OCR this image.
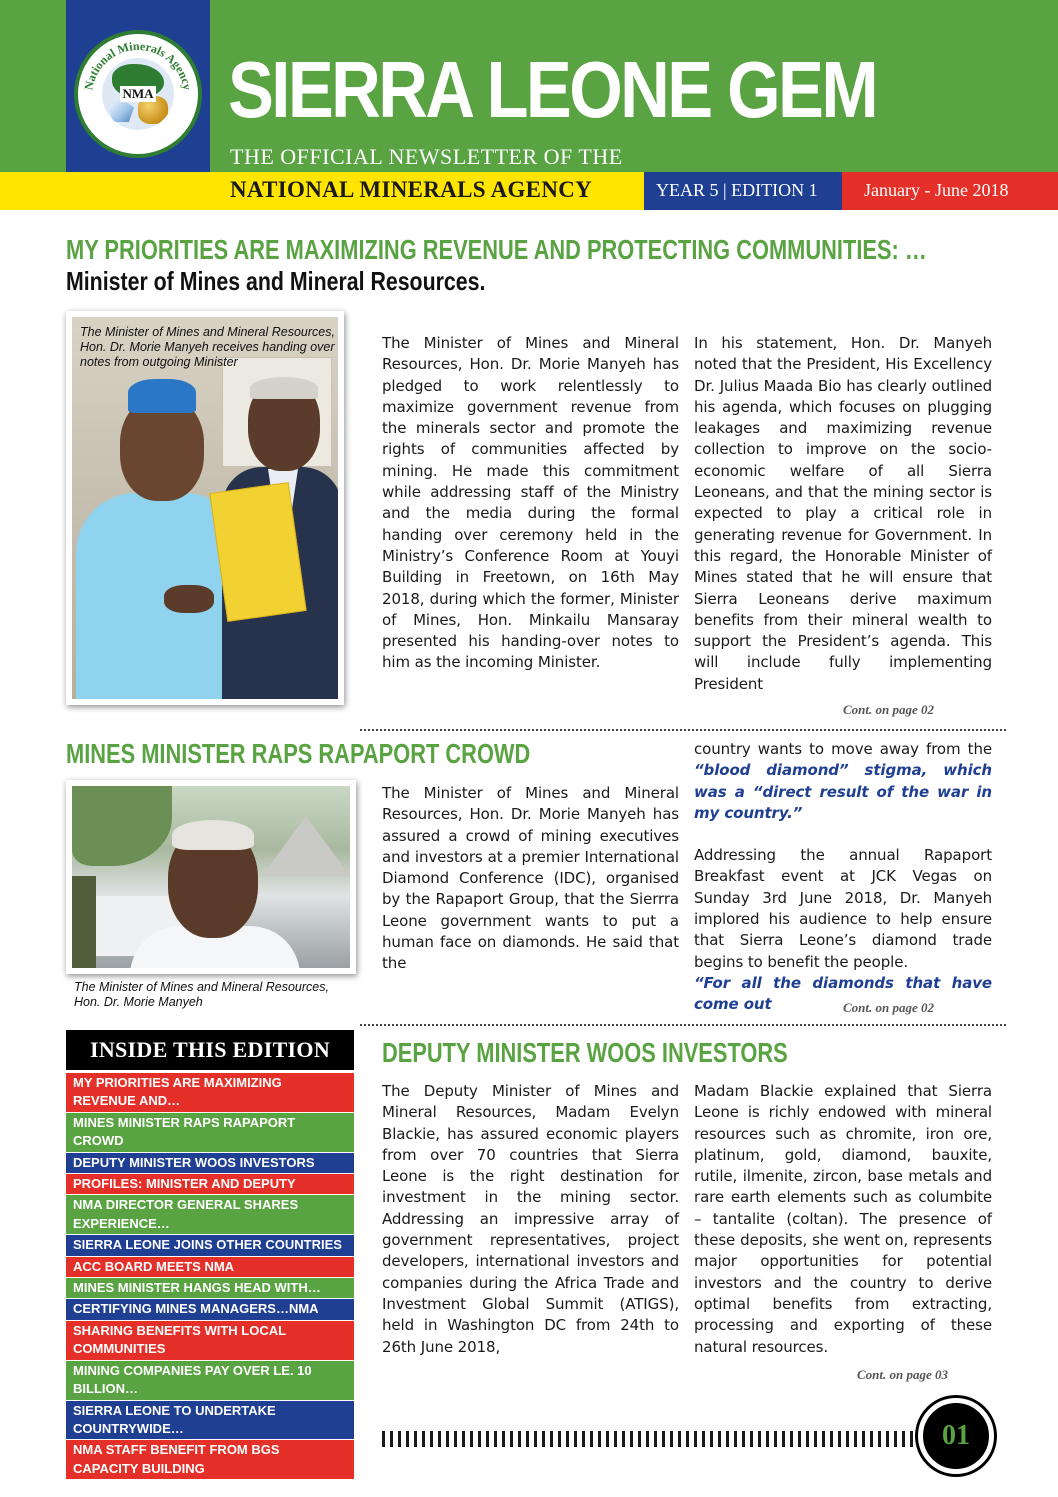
National Minerals Agency
NMA SIERRA LEONE GEM
THE OFFICIAL NEWSLETTER OF THE
NATIONAL MINERALS AGENCY	YEAR 5 | EDITION 1	January - June 2018
MY PRIORITIES ARE MAXIMIZING REVENUE AND PROTECTING COMMUNITIES: …
Minister of Mines and Mineral Resources.
The Minister of Mines and Mineral Resources, Hon. Dr. Morie Manyeh receives handing over notes from outgoing Minister

The Minister of Mines and Mineral Resources, Hon. Dr. Morie Manyeh has pledged to work relentlessly to maximize government revenue from the minerals sector and promote the rights of communities affected by mining. He made this commitment while addressing staff of the Ministry and the media during the formal handing over ceremony held in the Ministry’s Conference Room at Youyi Building in Freetown, on 16th May 2018, during which the former, Minister of Mines, Hon. Minkailu Mansaray presented his handing-over notes to him as the incoming Minister.

In his statement, Hon. Dr. Manyeh noted that the President, His Excellency Dr. Julius Maada Bio has clearly outlined his agenda, which focuses on plugging leakages and maximizing revenue collection to improve on the socio-economic welfare of all Sierra Leoneans, and that the mining sector is expected to play a critical role in generating revenue for Government. In this regard, the Honorable Minister of Mines stated that he will ensure that Sierra Leoneans derive maximum benefits from their mineral wealth to support the President’s agenda. This will include fully implementing President

Cont. on page 02
MINES MINISTER RAPS RAPAPORT CROWD
The Minister of Mines and Mineral Resources, Hon. Dr. Morie Manyeh

The Minister of Mines and Mineral Resources, Hon. Dr. Morie Manyeh has assured a crowd of mining executives and investors at a premier International Diamond Conference (IDC), organised by the Rapaport Group, that the Sierrra Leone government wants to put a human face on diamonds. He said that the

country wants to move away from the “blood diamond” stigma, which was a “direct result of the war in my country.”

Addressing the annual Rapaport Breakfast event at JCK Vegas on Sunday 3rd June 2018, Dr. Manyeh implored his audience to help ensure that Sierra Leone’s diamond trade begins to benefit the people.

“For all the diamonds that have come out	Cont. on page 02
INSIDE THIS EDITION
MY PRIORITIES ARE MAXIMIZING REVENUE AND…
MINES MINISTER RAPS RAPAPORT CROWD
DEPUTY MINISTER WOOS INVESTORS
PROFILES: MINISTER AND DEPUTY
NMA DIRECTOR GENERAL SHARES EXPERIENCE…
SIERRA LEONE JOINS OTHER COUNTRIES
ACC BOARD MEETS NMA
MINES MINISTER HANGS HEAD WITH…
CERTIFYING MINES MANAGERS…NMA
SHARING BENEFITS WITH LOCAL COMMUNITIES
MINING COMPANIES PAY OVER LE. 10 BILLION…
SIERRA LEONE TO UNDERTAKE COUNTRYWIDE…
NMA STAFF BENEFIT FROM BGS CAPACITY BUILDING
DEPUTY MINISTER WOOS INVESTORS

The Deputy Minister of Mines and Mineral Resources, Madam Evelyn Blackie, has assured economic players from over 70 countries that Sierra Leone is the right destination for investment in the mining sector. Addressing an impressive array of government representatives, project developers, international investors and companies during the Africa Trade and Investment Global Summit (ATIGS), held in Washington DC from 24th to 26th June 2018,

Madam Blackie explained that Sierra Leone is richly endowed with mineral resources such as chromite, iron ore, platinum, gold, diamond, bauxite, rutile, ilmenite, zircon, base metals and rare earth elements such as columbite – tantalite (coltan). The presence of these deposits, she went on, represents major opportunities for potential investors and the country to derive optimal benefits from extracting, processing and exporting of these natural resources.

Cont. on page 03
01
